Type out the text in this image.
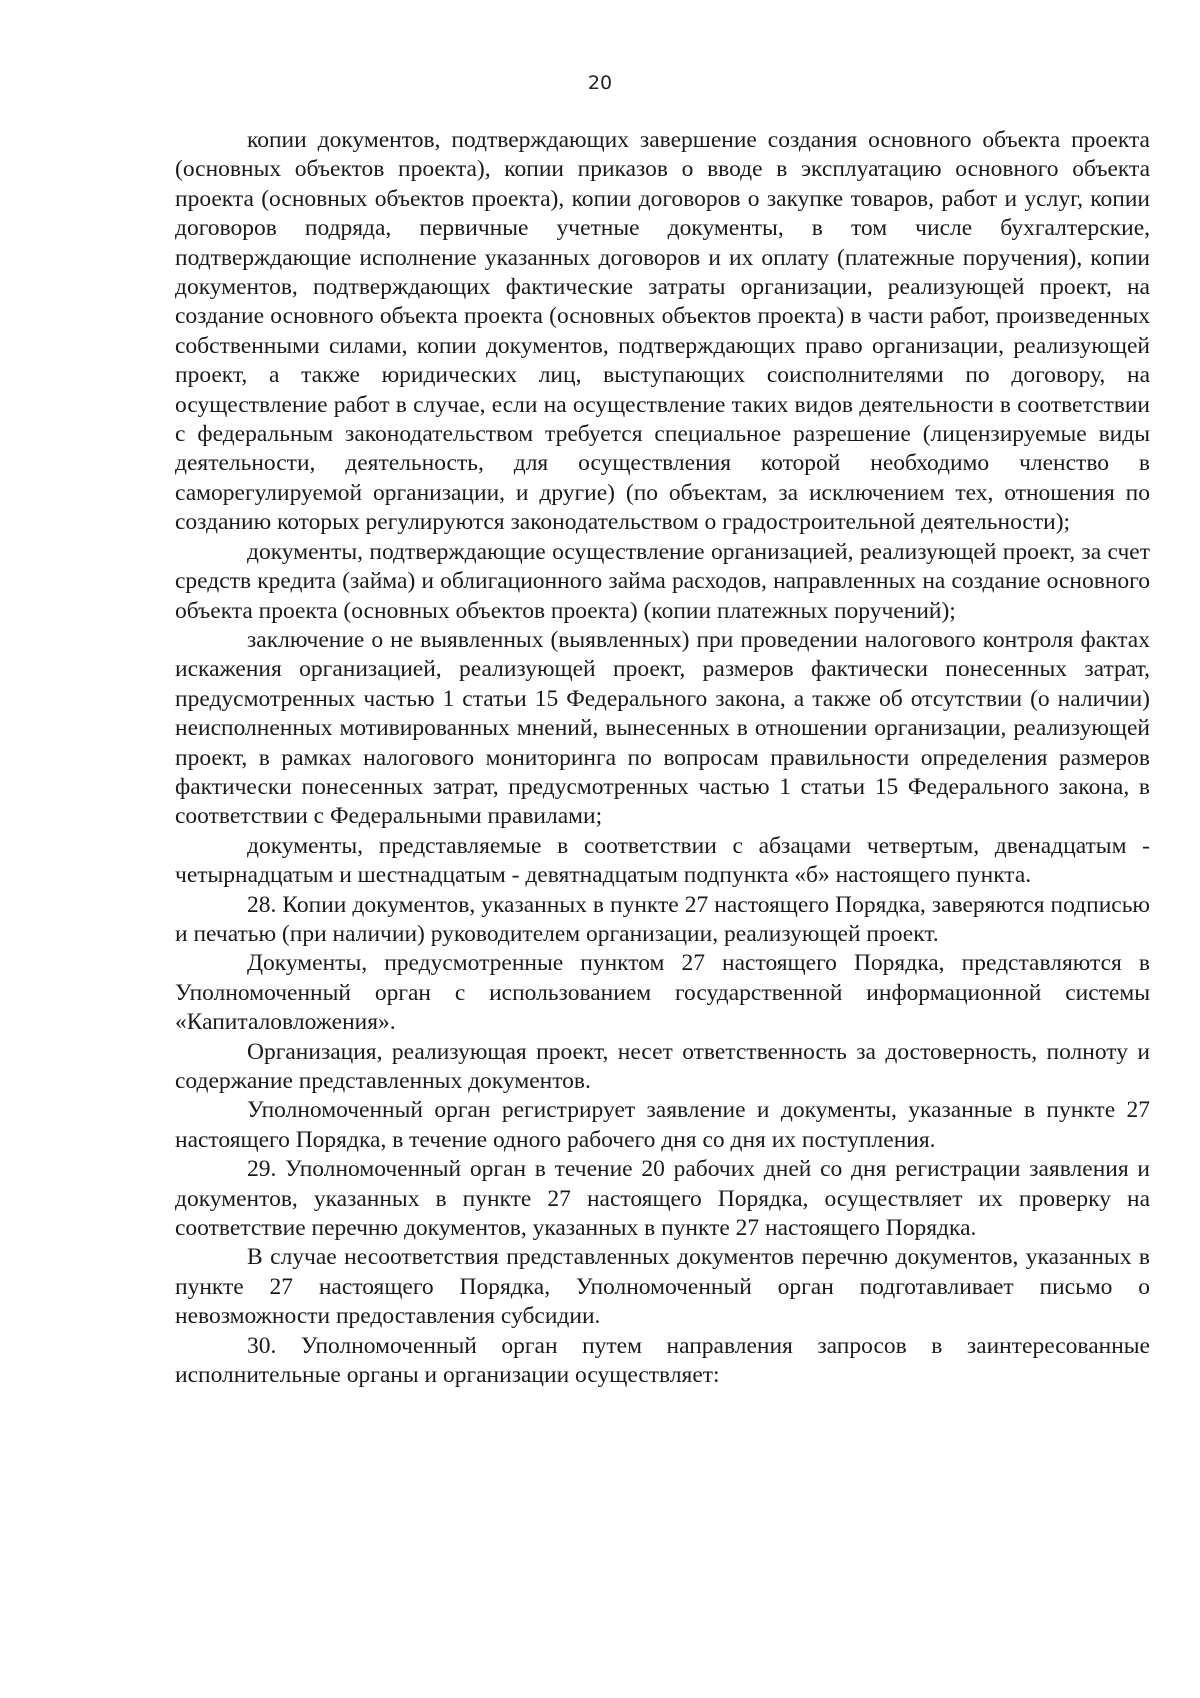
20

копии документов, подтверждающих завершение создания основного объекта проекта (основных объектов проекта), копии приказов о вводе в эксплуатацию основного объекта проекта (основных объектов проекта), копии договоров о закупке товаров, работ и услуг, копии договоров подряда, первичные учетные документы, в том числе бухгалтерские, подтверждающие исполнение указанных договоров и их оплату (платежные поручения), копии документов, подтверждающих фактические затраты организации, реализующей проект, на создание основного объекта проекта (основных объектов проекта) в части работ, произведенных собственными силами, копии документов, подтверждающих право организации, реализующей проект, а также юридических лиц, выступающих соисполнителями по договору, на осуществление работ в случае, если на осуществление таких видов деятельности в соответствии с федеральным законодательством требуется специальное разрешение (лицензируемые виды деятельности, деятельность, для осуществления которой необходимо членство в саморегулируемой организации, и другие) (по объектам, за исключением тех, отношения по созданию которых регулируются законодательством о градостроительной деятельности);

документы, подтверждающие осуществление организацией, реализующей проект, за счет средств кредита (займа) и облигационного займа расходов, направленных на создание основного объекта проекта (основных объектов проекта) (копии платежных поручений);

заключение о не выявленных (выявленных) при проведении налогового контроля фактах искажения организацией, реализующей проект, размеров фактически понесенных затрат, предусмотренных частью 1 статьи 15 Федерального закона, а также об отсутствии (о наличии) неисполненных мотивированных мнений, вынесенных в отношении организации, реализующей проект, в рамках налогового мониторинга по вопросам правильности определения размеров фактически понесенных затрат, предусмотренных частью 1 статьи 15 Федерального закона, в соответствии с Федеральными правилами;

документы, представляемые в соответствии с абзацами четвертым, двенадцатым - четырнадцатым и шестнадцатым - девятнадцатым подпункта «б» настоящего пункта.

28. Копии документов, указанных в пункте 27 настоящего Порядка, заверяются подписью и печатью (при наличии) руководителем организации, реализующей проект.

Документы, предусмотренные пунктом 27 настоящего Порядка, представляются в Уполномоченный орган с использованием государственной информационной системы «Капиталовложения».

Организация, реализующая проект, несет ответственность за достоверность, полноту и содержание представленных документов.

Уполномоченный орган регистрирует заявление и документы, указанные в пункте 27 настоящего Порядка, в течение одного рабочего дня со дня их поступления.

29. Уполномоченный орган в течение 20 рабочих дней со дня регистрации заявления и документов, указанных в пункте 27 настоящего Порядка, осуществляет их проверку на соответствие перечню документов, указанных в пункте 27 настоящего Порядка.

В случае несоответствия представленных документов перечню документов, указанных в пункте 27 настоящего Порядка, Уполномоченный орган подготавливает письмо о невозможности предоставления субсидии.

30. Уполномоченный орган путем направления запросов в заинтересованные исполнительные органы и организации осуществляет:
